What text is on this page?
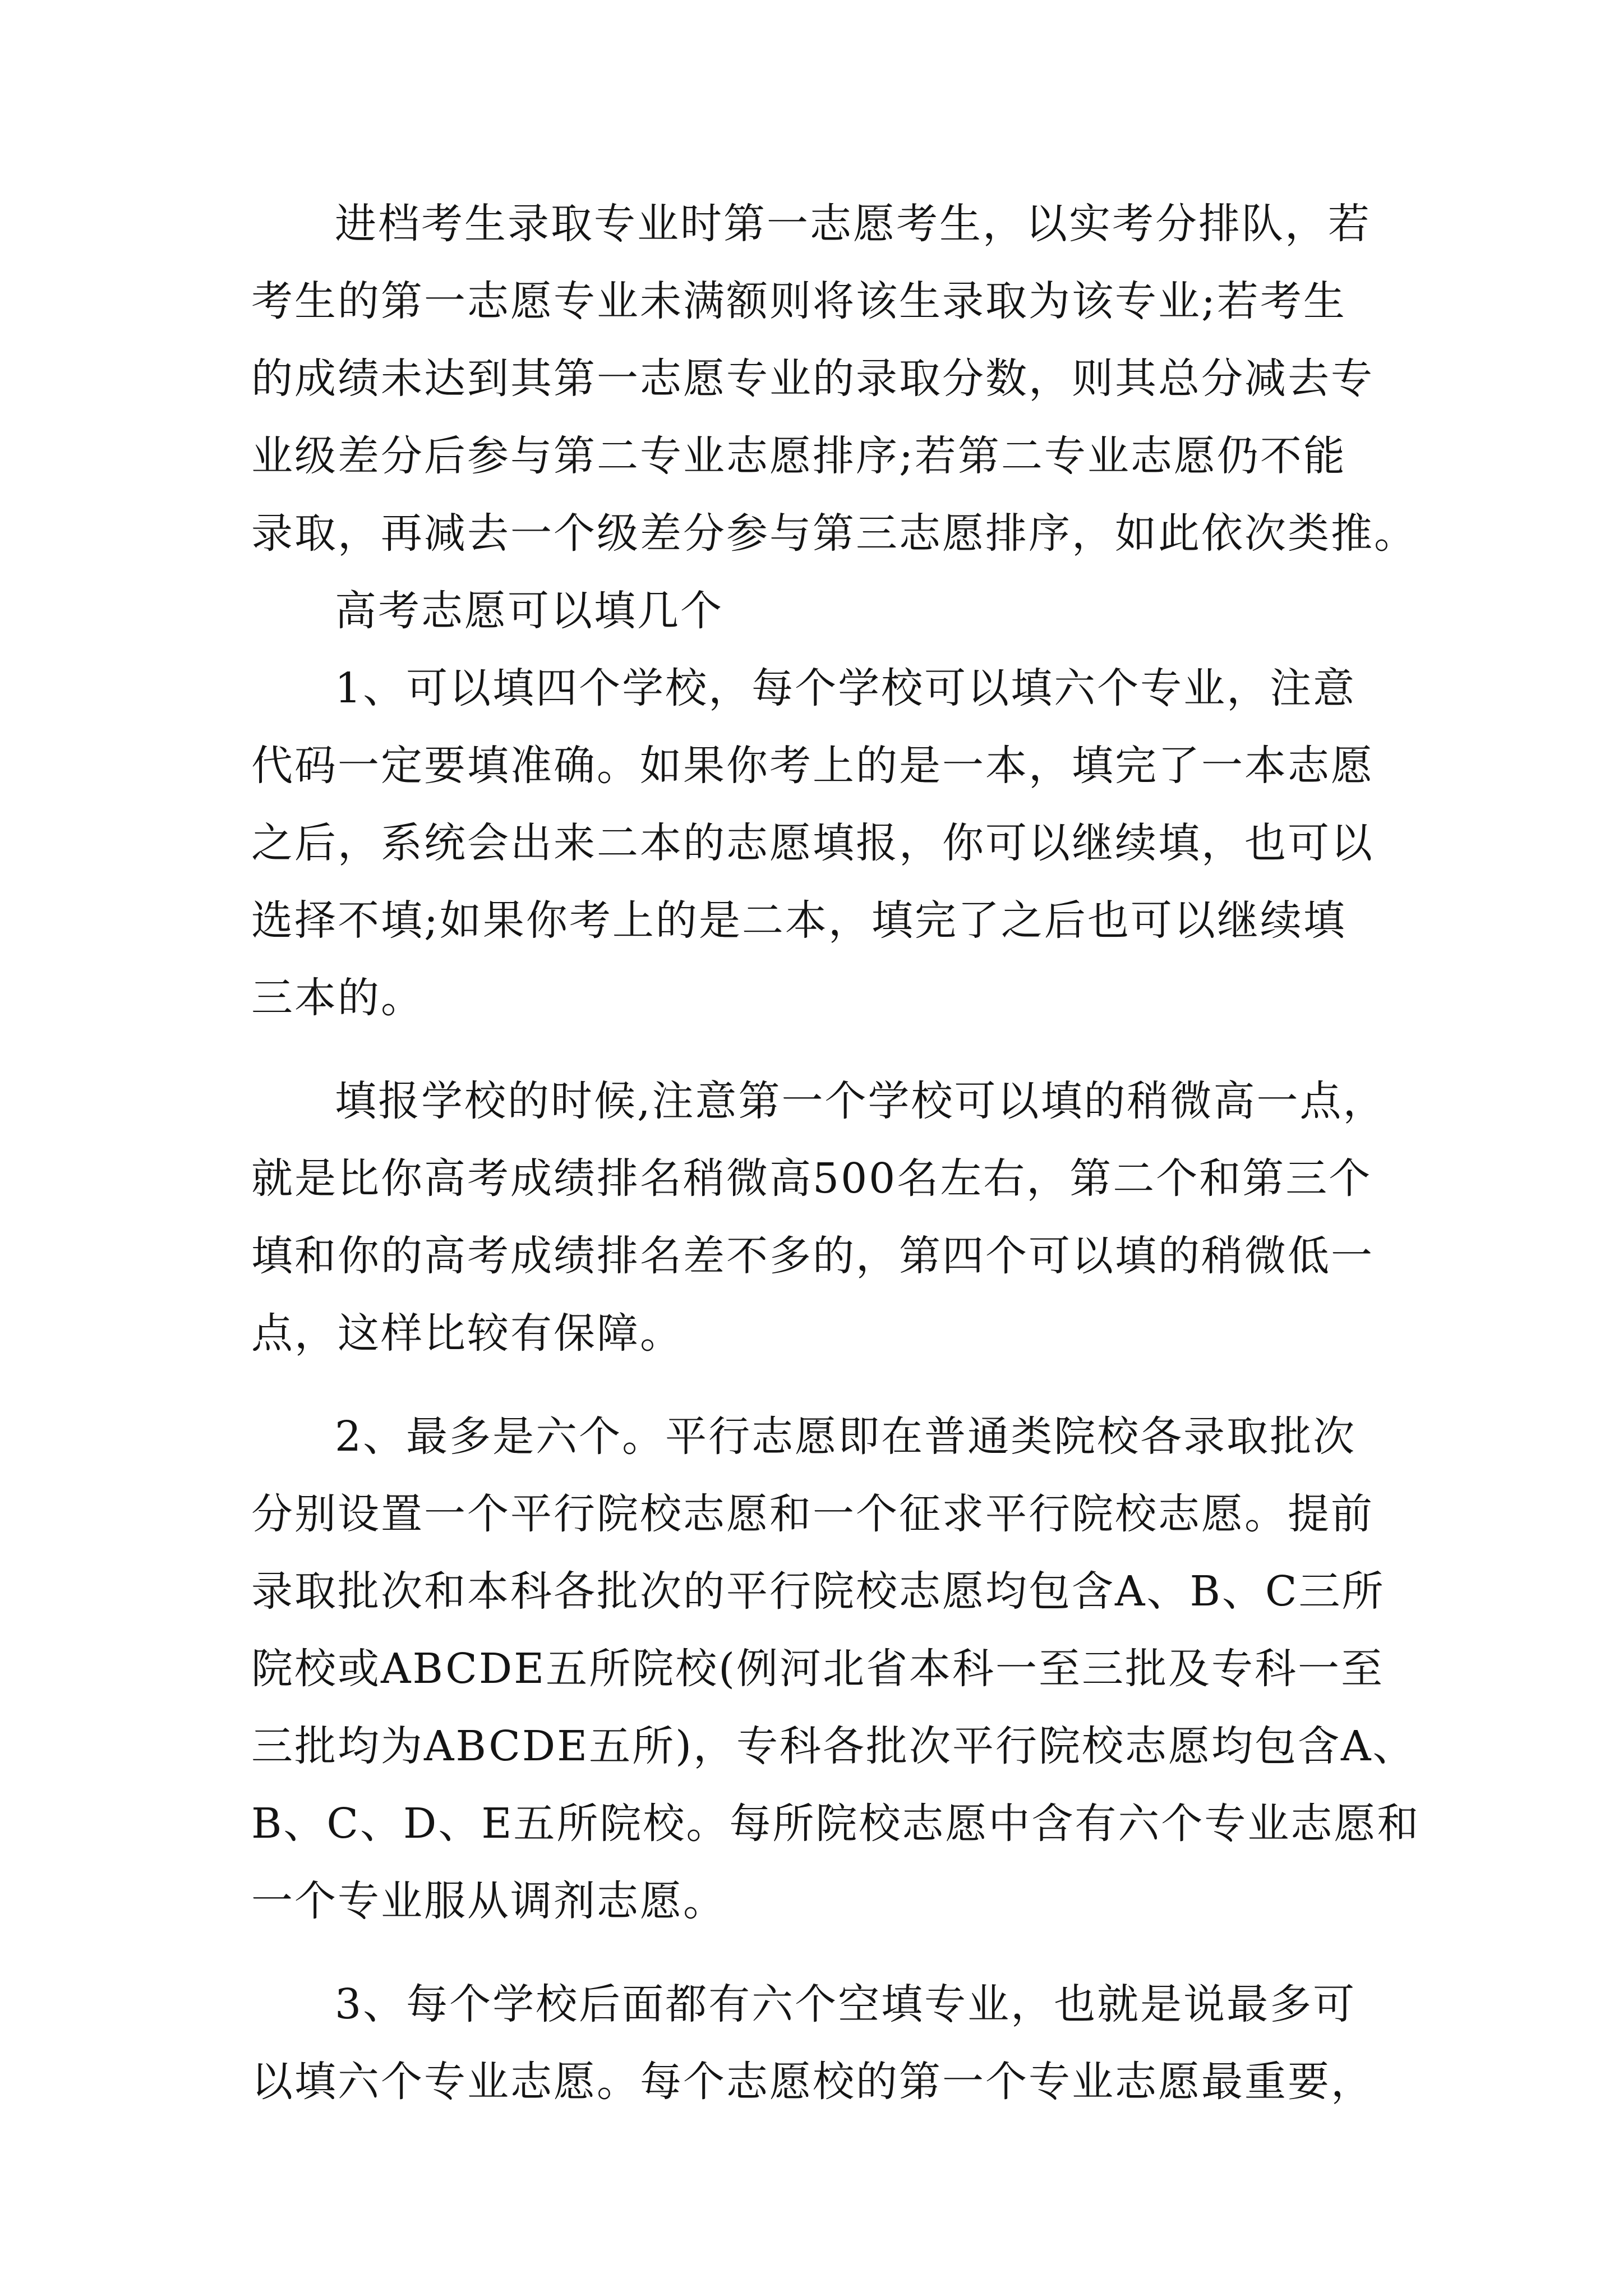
进档考生录取专业时第一志愿考生，以实考分排队，若
考生的第一志愿专业未满额则将该生录取为该专业;若考生
的成绩未达到其第一志愿专业的录取分数，则其总分减去专
业级差分后参与第二专业志愿排序;若第二专业志愿仍不能
录取，再减去一个级差分参与第三志愿排序，如此依次类推。
高考志愿可以填几个
1、可以填四个学校，每个学校可以填六个专业，注意
代码一定要填准确。如果你考上的是一本，填完了一本志愿
之后，系统会出来二本的志愿填报，你可以继续填，也可以
选择不填;如果你考上的是二本，填完了之后也可以继续填
三本的。
填报学校的时候,注意第一个学校可以填的稍微高一点，
就是比你高考成绩排名稍微高500名左右，第二个和第三个
填和你的高考成绩排名差不多的，第四个可以填的稍微低一
点，这样比较有保障。
2、最多是六个。平行志愿即在普通类院校各录取批次
分别设置一个平行院校志愿和一个征求平行院校志愿。提前
录取批次和本科各批次的平行院校志愿均包含A、B、C三所
院校或ABCDE五所院校(例河北省本科一至三批及专科一至
三批均为ABCDE五所)，专科各批次平行院校志愿均包含A、
B、C、D、E五所院校。每所院校志愿中含有六个专业志愿和
一个专业服从调剂志愿。
3、每个学校后面都有六个空填专业，也就是说最多可
以填六个专业志愿。每个志愿校的第一个专业志愿最重要，
